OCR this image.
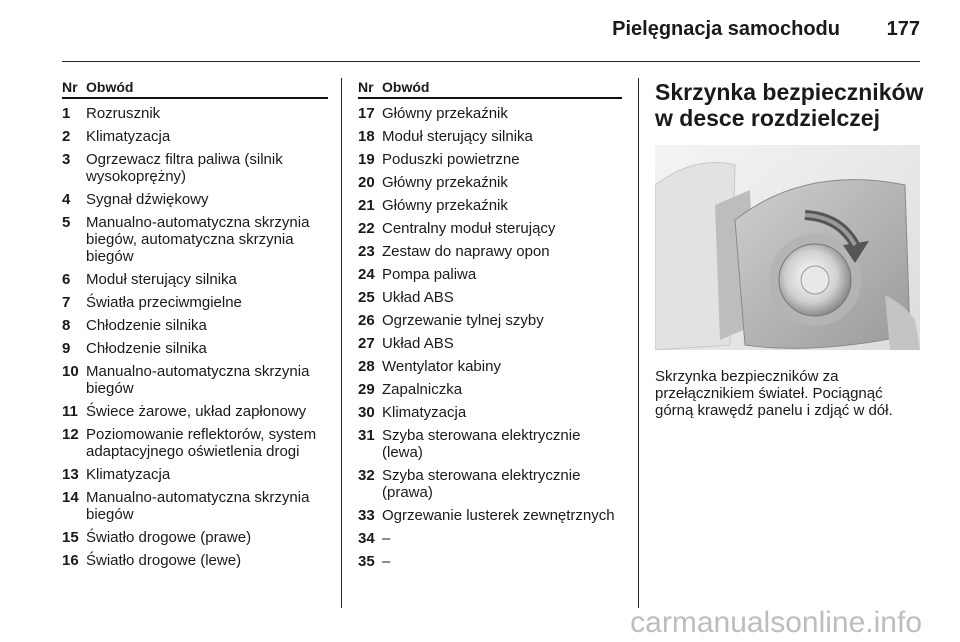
Pielęgnacja samochodu 177
Nr Obwód
1	Rozrusznik
2	Klimatyzacja
3	Ogrzewacz filtra paliwa (silnik wysokoprężny)
4	Sygnał dźwiękowy
5	Manualno-automatyczna skrzynia biegów, automatyczna skrzynia biegów
6	Moduł sterujący silnika
7	Światła przeciwmgielne
8	Chłodzenie silnika
9	Chłodzenie silnika
10 Manualno-automatyczna skrzynia biegów
11 Świece żarowe, układ zapłonowy
12 Poziomowanie reflektorów, system adaptacyjnego oświetlenia drogi
13 Klimatyzacja
14 Manualno-automatyczna skrzynia biegów
15 Światło drogowe (prawe)
16 Światło drogowe (lewe)
Nr Obwód
17 Główny przekaźnik
18 Moduł sterujący silnika
19 Poduszki powietrzne
20 Główny przekaźnik
21 Główny przekaźnik
22 Centralny moduł sterujący
23 Zestaw do naprawy opon
24 Pompa paliwa
25 Układ ABS
26 Ogrzewanie tylnej szyby
27 Układ ABS
28 Wentylator kabiny
29 Zapalniczka
30 Klimatyzacja
31 Szyba sterowana elektrycznie (lewa)
32 Szyba sterowana elektrycznie (prawa)
33 Ogrzewanie lusterek zewnętrznych
34 –
35 –
Skrzynka bezpieczników
w desce rozdzielczej
Skrzynka bezpieczników za przełącznikiem świateł. Pociągnąć górną krawędź panelu i zdjąć w dół.
carmanualsonline.info
